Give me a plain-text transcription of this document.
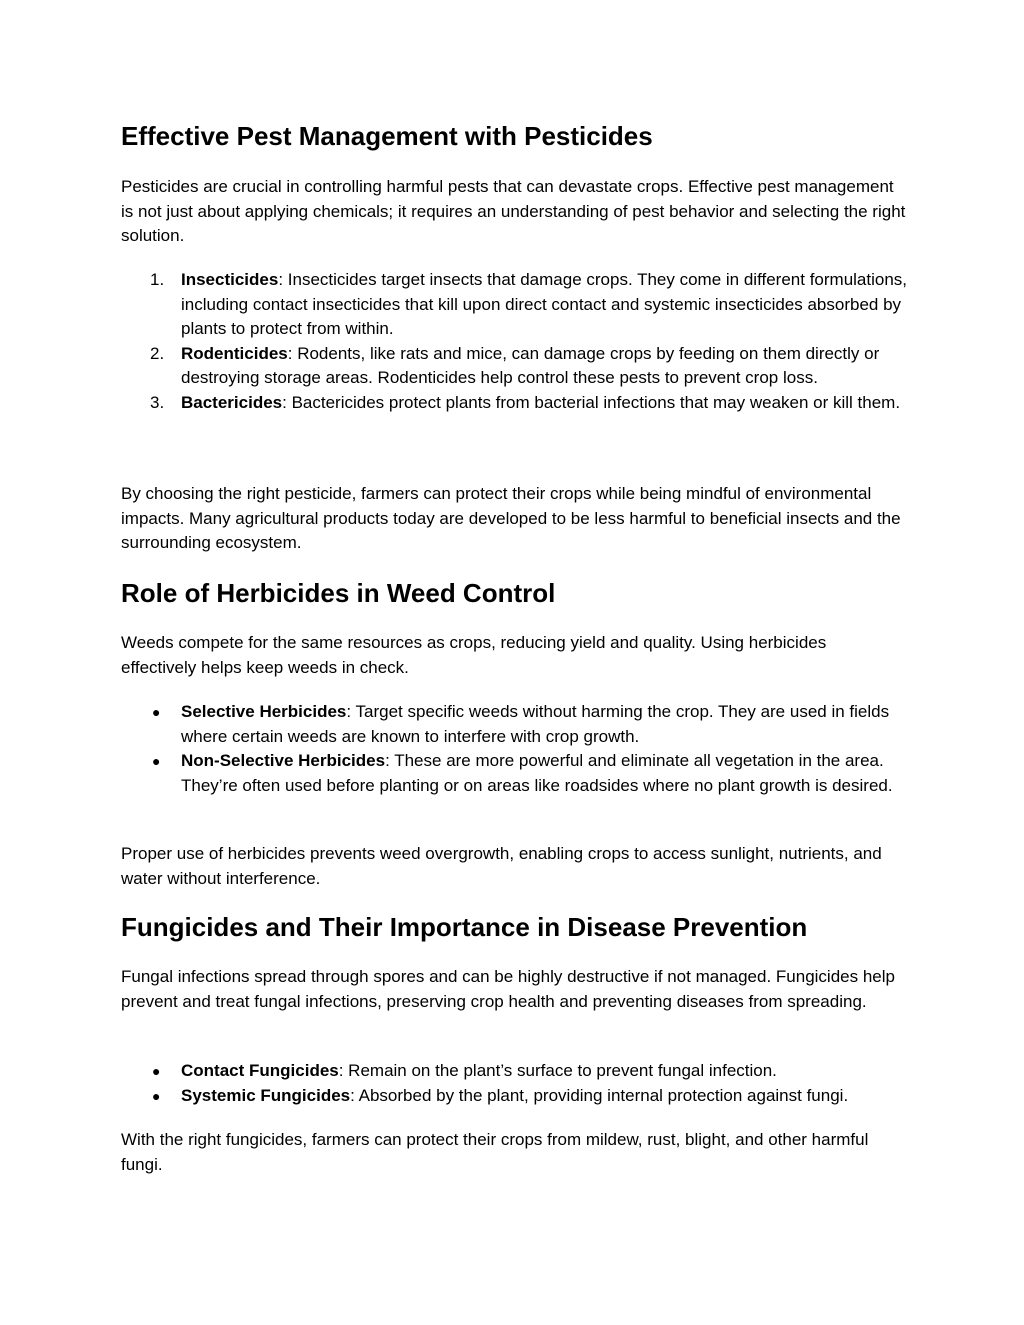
Effective Pest Management with Pesticides

Pesticides are crucial in controlling harmful pests that can devastate crops. Effective pest management is not just about applying chemicals; it requires an understanding of pest behavior and selecting the right solution.

1. Insecticides: Insecticides target insects that damage crops. They come in different formulations, including contact insecticides that kill upon direct contact and systemic insecticides absorbed by plants to protect from within.
2. Rodenticides: Rodents, like rats and mice, can damage crops by feeding on them directly or destroying storage areas. Rodenticides help control these pests to prevent crop loss.
3. Bactericides: Bactericides protect plants from bacterial infections that may weaken or kill them.

By choosing the right pesticide, farmers can protect their crops while being mindful of environmental impacts. Many agricultural products today are developed to be less harmful to beneficial insects and the surrounding ecosystem.

Role of Herbicides in Weed Control

Weeds compete for the same resources as crops, reducing yield and quality. Using herbicides effectively helps keep weeds in check.

● Selective Herbicides: Target specific weeds without harming the crop. They are used in fields where certain weeds are known to interfere with crop growth.
● Non-Selective Herbicides: These are more powerful and eliminate all vegetation in the area. They’re often used before planting or on areas like roadsides where no plant growth is desired.

Proper use of herbicides prevents weed overgrowth, enabling crops to access sunlight, nutrients, and water without interference.

Fungicides and Their Importance in Disease Prevention

Fungal infections spread through spores and can be highly destructive if not managed. Fungicides help prevent and treat fungal infections, preserving crop health and preventing diseases from spreading.

● Contact Fungicides: Remain on the plant’s surface to prevent fungal infection.
● Systemic Fungicides: Absorbed by the plant, providing internal protection against fungi.

With the right fungicides, farmers can protect their crops from mildew, rust, blight, and other harmful fungi.
